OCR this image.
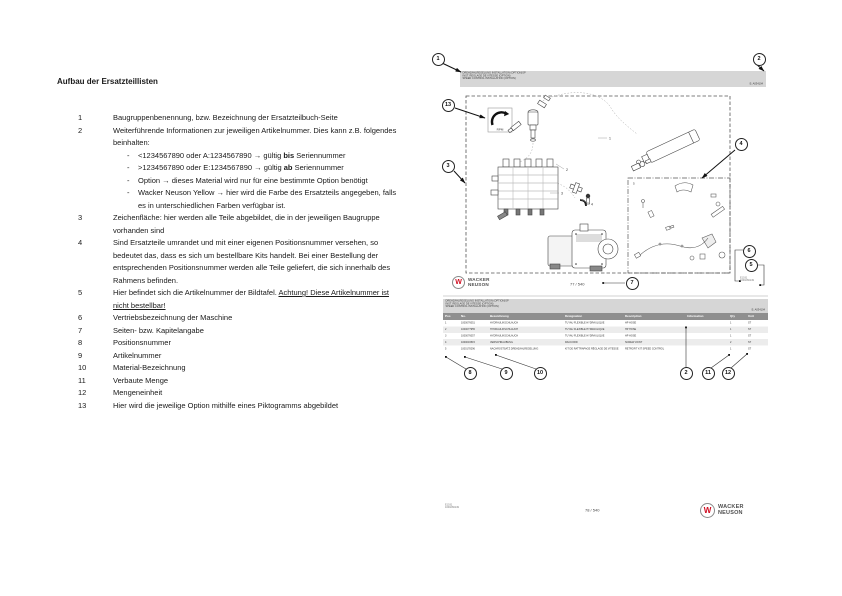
Aufbau der Ersatzteillisten
1	Baugruppenbenennung, bzw. Bezeichnung der Ersatzteilbuch-Seite
2	Weiterführende Informationen zur jeweiligen Artikelnummer. Dies kann z.B. folgendes beinhalten:
-	<1234567890 oder A:1234567890 → gültig bis Seriennummer
-	>1234567890 oder E:1234567890 → gültig ab Seriennummer
-	Option → dieses Material wird nur für eine bestimmte Option benötigt
-	Wacker Neuson Yellow → hier wird die Farbe des Ersatzteils angegeben, falls es in unterschiedlichen Farben verfügbar ist.
3	Zeichenfläche: hier werden alle Teile abgebildet, die in der jeweiligen Baugruppe vorhanden sind
4	Sind Ersatzteile umrandet und mit einer eigenen Positionsnummer versehen, so bedeutet das, dass es sich um bestellbare Kits handelt. Bei einer Bestellung der entsprechenden Positionsnummer werden alle Teile geliefert, die sich innerhalb des Rahmens befinden.
5	Hier befindet sich die Artikelnummer der Bildtafel. Achtung! Diese Artikelnummer ist nicht bestellbar!
6	Vertriebsbezeichnung der Maschine
7	Seiten- bzw. Kapitelangabe
8	Positionsnummer
9	Artikelnummer
10	Material-Bezeichnung
11	Verbaute Menge
12	Mengeneinheit
13	Hier wird die jeweilige Option mithilfe eines Piktogramms abgebildet
DREHZAHLREGELUNG INSTALLATION (OPTION)SP
INST. REGLAGE DE VITESSE (OPTION)
SPEED CONTROL INSTALLATION (OPTION)
E: A034104
RPM
5
1
2
3
4
W	WACKER
NEUSON	77 / 540
E1031
1000266149
DREHZAHLREGELUNG INSTALLATION (OPTION)SP
INST. REGLAGE DE VITESSE (OPTION)
SPEED CONTROL INSTALLATION (OPTION)
E: A034104
Pos	No.	Bezeichnung	Désignation	Description	Information	Qty	Unit
1	1000076051	HYDRAULIKSCHLAUCH	TUYAU FLEXIBLE HYDRAULIQUE	HP HOSE		1	ST
2	1000077955	HYDRAULIKSCHLAUCH	TUYAU FLEXIBLE HYDRAULIQUE	HP HOSE		1	ST
3	1000076057	HYDRAULIKSCHLAUCH	TUYAU FLEXIBLE HYDRAULIQUE	HP HOSE		1	ST
4	1000016515	VERSCHRAUBUNG	RACCORD	SCREW JOINT		2	ST
5	1000178296	NACHRÜSTSATZ DREHZAHLREGELUNG	KIT DE RATTRAPAGE RÉGLAGE DE VITESSE	RETROFIT KIT SPEED CONTROL		1	ST
1	2
13
3
4
6
5
7
8	9	10	2	11	12
E1031
1000266149
78 / 540	W	WACKER
NEUSON
